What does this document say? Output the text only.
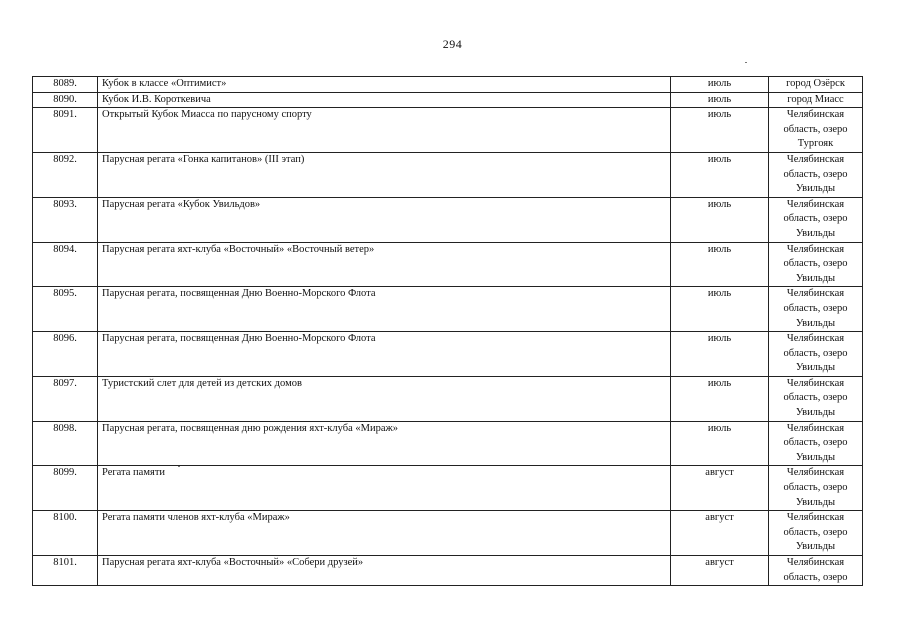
294
8089.	Кубок в классе «Оптимист»	июль	город Озёрск

8090.	Кубок И.В. Короткевича	июль	город Миасс

8091.	Открытый Кубок Миасса по парусному спорту	июль	Челябинская
область, озеро
Тургояк

8092.	Парусная регата «Гонка капитанов» (III этап)	июль	Челябинская
область, озеро
Увильды

8093.	Парусная регата «Кубок Увильдов»	июль	Челябинская
область, озеро
Увильды

8094.	Парусная регата яхт-клуба «Восточный» «Восточный ветер»	июль	Челябинская
область, озеро
Увильды

8095.	Парусная регата, посвященная Дню Военно-Морского Флота	июль	Челябинская
область, озеро
Увильды

8096.	Парусная регата, посвященная Дню Военно-Морского Флота	июль	Челябинская
область, озеро
Увильды

8097.	Туристский слет для детей из детских домов	июль	Челябинская
область, озеро
Увильды

8098.	Парусная регата, посвященная дню рождения яхт-клуба «Мираж»	июль	Челябинская
область, озеро
Увильды

8099.	Регата памяти	август	Челябинская
область, озеро
Увильды

8100.	Регата памяти членов яхт-клуба «Мираж»	август	Челябинская
область, озеро
Увильды

8101.	Парусная регата яхт-клуба «Восточный» «Собери друзей»	август	Челябинская
область, озеро
